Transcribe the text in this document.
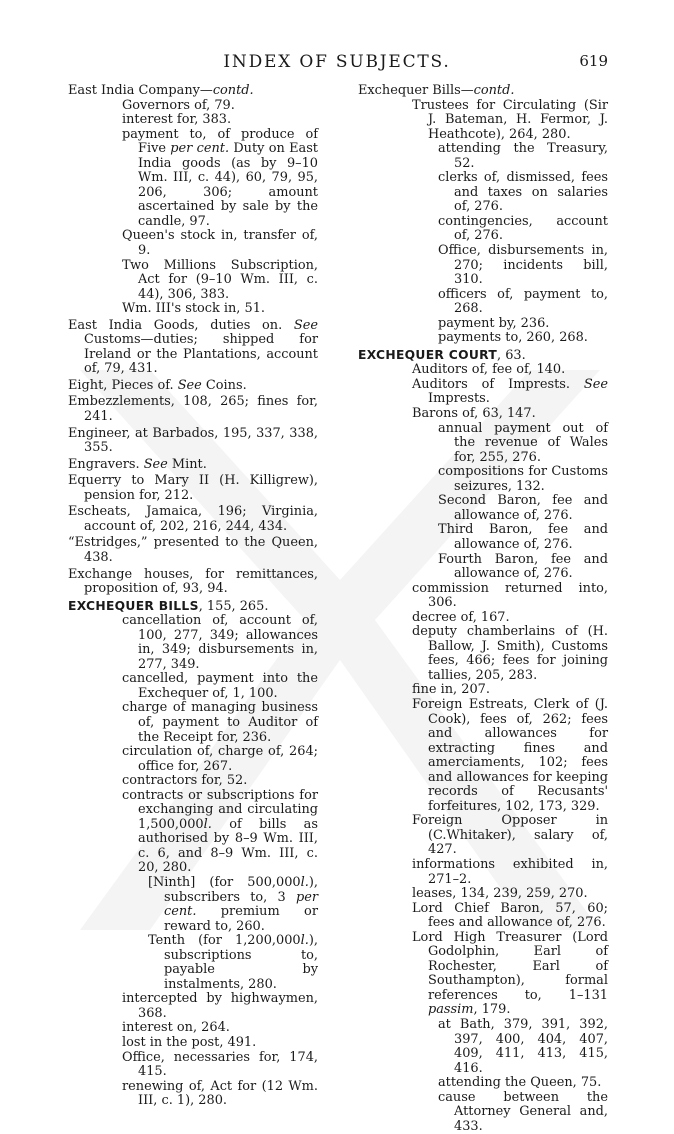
INDEX OF SUBJECTS.	619
East India Company—contd.
Governors of, 79.
interest for, 383.
payment to, of produce of Five per cent. Duty on East India goods (as by 9–10 Wm. III, c. 44), 60, 79, 95, 206, 306; amount ascertained by sale by the candle, 97.
Queen's stock in, transfer of, 9.
Two Millions Subscription, Act for (9–10 Wm. III, c. 44), 306, 383.
Wm. III's stock in, 51.
East India Goods, duties on. See Customs—duties; shipped for Ireland or the Plantations, account of, 79, 431.
Eight, Pieces of. See Coins.
Embezzlements, 108, 265; fines for, 241.
Engineer, at Barbados, 195, 337, 338, 355.
Engravers. See Mint.
Equerry to Mary II (H. Killigrew), pension for, 212.
Escheats, Jamaica, 196; Virginia, account of, 202, 216, 244, 434.
“Estridges,” presented to the Queen, 438.
Exchange houses, for remittances, proposition of, 93, 94.
EXCHEQUER BILLS, 155, 265.
cancellation of, account of, 100, 277, 349; allowances in, 349; disbursements in, 277, 349.
cancelled, payment into the Exchequer of, 1, 100.
charge of managing business of, payment to Auditor of the Receipt for, 236.
circulation of, charge of, 264; office for, 267.
contractors for, 52.
contracts or subscriptions for exchanging and circulating 1,500,000l. of bills as authorised by 8–9 Wm. III, c. 6, and 8–9 Wm. III, c. 20, 280.
[Ninth] (for 500,000l.), subscribers to, 3 per cent. premium or reward to, 260.
Tenth (for 1,200,000l.), subscriptions to, payable by instalments, 280.
intercepted by highwaymen, 368.
interest on, 264.
lost in the post, 491.
Office, necessaries for, 174, 415.
renewing of, Act for (12 Wm. III, c. 1), 280.
Exchequer Bills—contd.
Trustees for Circulating (Sir J. Bateman, H. Fermor, J. Heathcote), 264, 280.
attending the Treasury, 52.
clerks of, dismissed, fees and taxes on salaries of, 276.
contingencies, account of, 276.
Office, disbursements in, 270; incidents bill, 310.
officers of, payment to, 268.
payment by, 236.
payments to, 260, 268.
EXCHEQUER COURT, 63.
Auditors of, fee of, 140.
Auditors of Imprests. See Imprests.
Barons of, 63, 147.
annual payment out of the revenue of Wales for, 255, 276.
compositions for Customs seizures, 132.
Second Baron, fee and allowance of, 276.
Third Baron, fee and allowance of, 276.
Fourth Baron, fee and allowance of, 276.
commission returned into, 306.
decree of, 167.
deputy chamberlains of (H. Ballow, J. Smith), Customs fees, 466; fees for joining tallies, 205, 283.
fine in, 207.
Foreign Estreats, Clerk of (J. Cook), fees of, 262; fees and allowances for extracting fines and amerciaments, 102; fees and allowances for keeping records of Recusants' forfeitures, 102, 173, 329.
Foreign Opposer in (C.Whitaker), salary of, 427.
informations exhibited in, 271–2.
leases, 134, 239, 259, 270.
Lord Chief Baron, 57, 60; fees and allowance of, 276.
Lord High Treasurer (Lord Godolphin, Earl of Rochester, Earl of Southampton), formal references to, 1–131 passim, 179.
at Bath, 379, 391, 392, 397, 400, 404, 407, 409, 411, 413, 415, 416.
attending the Queen, 75.
cause between the Attorney General and, 433.
